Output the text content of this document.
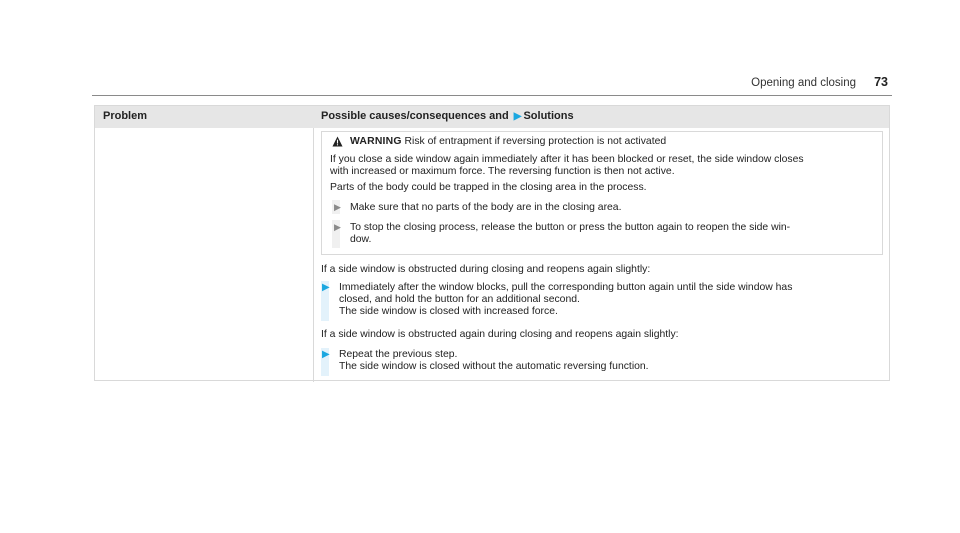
Opening and closing 73
Problem	Possible causes/consequences and ▶ Solutions
WARNING Risk of entrapment if reversing protection is not activated
If you close a side window again immediately after it has been blocked or reset, the side window closes
with increased or maximum force. The reversing function is then not active.
Parts of the body could be trapped in the closing area in the process.
▶ Make sure that no parts of the body are in the closing area.
▶ To stop the closing process, release the button or press the button again to reopen the side win-
dow.
If a side window is obstructed during closing and reopens again slightly:
▶ Immediately after the window blocks, pull the corresponding button again until the side window has
closed, and hold the button for an additional second.
The side window is closed with increased force.
If a side window is obstructed again during closing and reopens again slightly:
▶ Repeat the previous step.
The side window is closed without the automatic reversing function.
